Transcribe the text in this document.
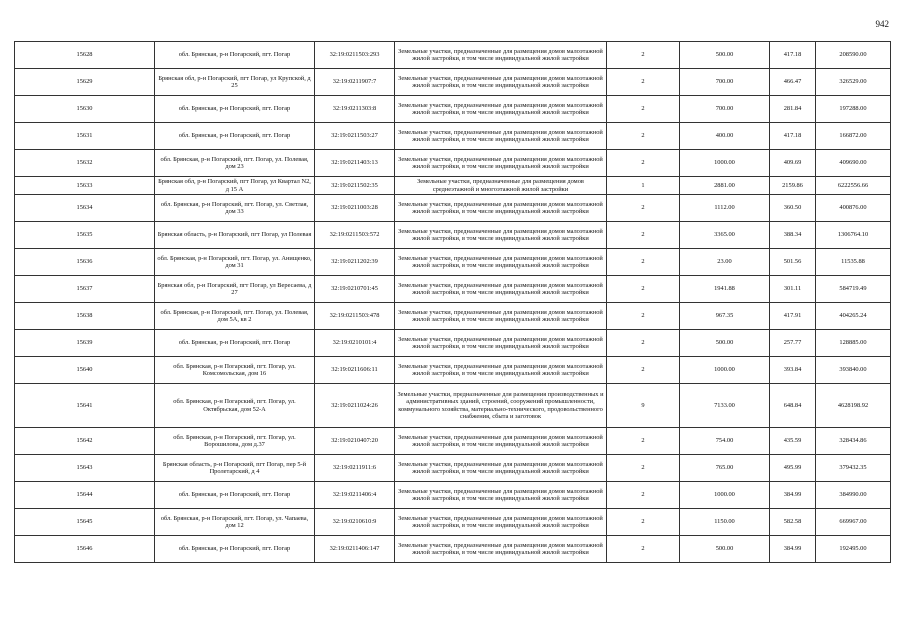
942
15628	обл. Брянская, р-н Погарский, пгт. Погар	32:19:0211503:293	Земельные участки, предназначенные для размещения домов малоэтажной жилой застройки, в том числе индивидуальной жилой застройки	2	500.00	417.18	208590.00
15629	Брянская обл, р-н Погарский, пгт Погар, ул Крупской, д 25	32:19:0211907:7	Земельные участки, предназначенные для размещения домов малоэтажной жилой застройки, в том числе индивидуальной жилой застройки	2	700.00	466.47	326529.00
15630	обл. Брянская, р-н Погарский, пгт. Погар	32:19:0211303:8	Земельные участки, предназначенные для размещения домов малоэтажной жилой застройки, в том числе индивидуальной жилой застройки	2	700.00	281.84	197288.00
15631	обл. Брянская, р-н Погарский, пгт. Погар	32:19:0211503:27	Земельные участки, предназначенные для размещения домов малоэтажной жилой застройки, в том числе индивидуальной жилой застройки	2	400.00	417.18	166872.00
15632	обл. Брянская, р-н Погарский, пгт. Погар, ул. Полевая, дом 23	32:19:0211403:13	Земельные участки, предназначенные для размещения домов малоэтажной жилой застройки, в том числе индивидуальной жилой застройки	2	1000.00	409.69	409690.00
15633	Брянская обл, р-н Погарский, пгт Погар, ул Квартал N2, д 15 А	32:19:0211502:35	Земельные участки, предназначенные для размещения домов среднеэтажной и многоэтажной жилой застройки	1	2881.00	2159.86	6222556.66
15634	обл. Брянская, р-н Погарский, пгт. Погар, ул. Светлая, дом 33	32:19:0211003:28	Земельные участки, предназначенные для размещения домов малоэтажной жилой застройки, в том числе индивидуальной жилой застройки	2	1112.00	360.50	400876.00
15635	Брянская область, р-н Погарский, пгт Погар, ул Полевая	32:19:0211503:572	Земельные участки, предназначенные для размещения домов малоэтажной жилой застройки, в том числе индивидуальной жилой застройки	2	3365.00	388.34	1306764.10
15636	обл. Брянская, р-н Погарский, пгт. Погар, ул. Анищенко, дом 31	32:19:0211202:39	Земельные участки, предназначенные для размещения домов малоэтажной жилой застройки, в том числе индивидуальной жилой застройки	2	23.00	501.56	11535.88
15637	Брянская обл, р-н Погарский, пгт Погар, ул Вересаева, д 27	32:19:0210701:45	Земельные участки, предназначенные для размещения домов малоэтажной жилой застройки, в том числе индивидуальной жилой застройки	2	1941.88	301.11	584719.49
15638	обл. Брянская, р-н Погарский, пгт. Погар, ул. Полевая, дом 5А, кв 2	32:19:0211503:478	Земельные участки, предназначенные для размещения домов малоэтажной жилой застройки, в том числе индивидуальной жилой застройки	2	967.35	417.91	404265.24
15639	обл. Брянская, р-н Погарский, пгт. Погар	32:19:0210101:4	Земельные участки, предназначенные для размещения домов малоэтажной жилой застройки, в том числе индивидуальной жилой застройки	2	500.00	257.77	128885.00
15640	обл. Брянская, р-н Погарский, пгт. Погар, ул. Комсомольская, дом 16	32:19:0211606:11	Земельные участки, предназначенные для размещения домов малоэтажной жилой застройки, в том числе индивидуальной жилой застройки	2	1000.00	393.84	393840.00
15641	обл. Брянская, р-н Погарский, пгт. Погар, ул. Октябрьская, дом 52-А	32:19:0211024:26	Земельные участки, предназначенные для размещения производственных и административных зданий, строений, сооружений промышленности, коммунального хозяйства, материально-технического, продовольственного снабжения, сбыта и заготовок	9	7133.00	648.84	4628198.92
15642	обл. Брянская, р-н Погарский, пгт. Погар, ул. Ворошилова, дом д.37	32:19:0210407:20	Земельные участки, предназначенные для размещения домов малоэтажной жилой застройки, в том числе индивидуальной жилой застройки	2	754.00	435.59	328434.86
15643	Брянская область, р-н Погарский, пгт Погар, пер 5-й Пролетарский, д 4	32:19:0211911:6	Земельные участки, предназначенные для размещения домов малоэтажной жилой застройки, в том числе индивидуальной жилой застройки	2	765.00	495.99	379432.35
15644	обл. Брянская, р-н Погарский, пгт. Погар	32:19:0211406:4	Земельные участки, предназначенные для размещения домов малоэтажной жилой застройки, в том числе индивидуальной жилой застройки	2	1000.00	384.99	384990.00
15645	обл. Брянская, р-н Погарский, пгт. Погар, ул. Чапаева, дом 12	32:19:0210610:9	Земельные участки, предназначенные для размещения домов малоэтажной жилой застройки, в том числе индивидуальной жилой застройки	2	1150.00	582.58	669967.00
15646	обл. Брянская, р-н Погарский, пгт. Погар	32:19:0211406:147	Земельные участки, предназначенные для размещения домов малоэтажной жилой застройки, в том числе индивидуальной жилой застройки	2	500.00	384.99	192495.00
